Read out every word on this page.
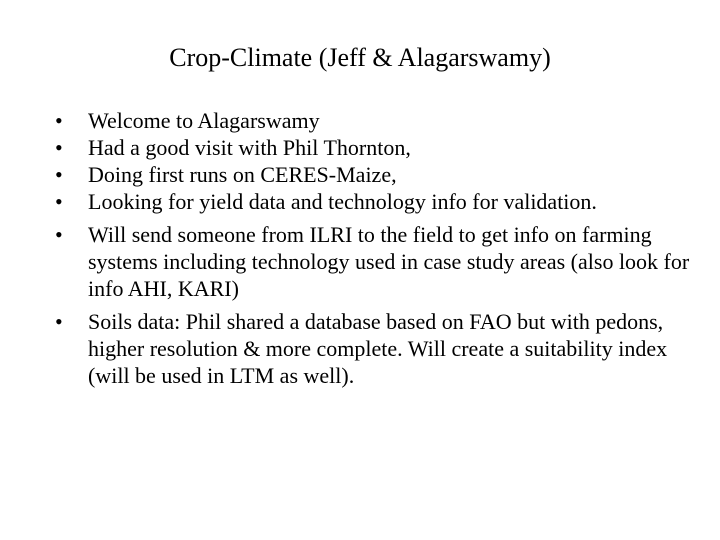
Crop-Climate (Jeff & Alagarswamy)
•	Welcome to Alagarswamy
•	Had a good visit with Phil Thornton,
•	Doing first runs on CERES-Maize,
•	Looking for yield data and technology info for validation.
•	Will send someone from ILRI to the field to get info on farming systems including technology used in case study areas (also look for info AHI, KARI)
•	Soils data: Phil shared a database based on FAO but with pedons, higher resolution & more complete. Will create a suitability index (will be used in LTM as well).
